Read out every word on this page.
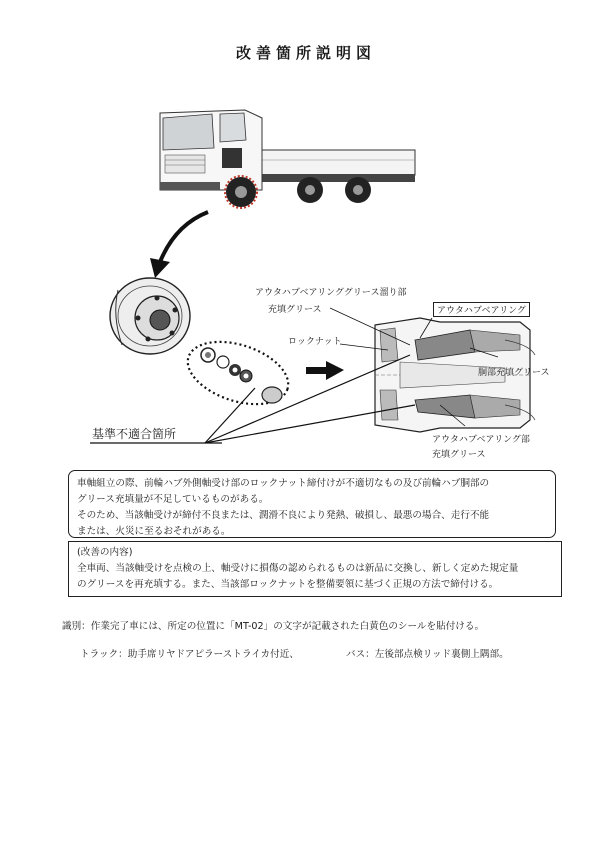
改善箇所説明図
アウタハブベアリンググリース溜り部
充填グリース	アウタハブベアリング
ロックナット
胴部充填グリース
アウタハブベアリング部
充填グリース
基準不適合箇所
車軸組立の際、前輪ハブ外側軸受け部のロックナット締付けが不適切なもの及び前輪ハブ胴部の
グリース充填量が不足しているものがある。
そのため、当該軸受けが締付不良または、潤滑不良により発熱、破損し、最悪の場合、走行不能
または、火災に至るおそれがある。
(改善の内容)
全車両、当該軸受けを点検の上、軸受けに損傷の認められるものは新品に交換し、新しく定めた規定量
のグリースを再充填する。また、当該部ロックナットを整備要領に基づく正規の方法で締付ける。
識別：作業完了車には、所定の位置に「MT-02」の文字が記載された白黄色のシールを貼付ける。
トラック：助手席リヤドアピラーストライカ付近、	バス：左後部点検リッド裏側上隅部。
